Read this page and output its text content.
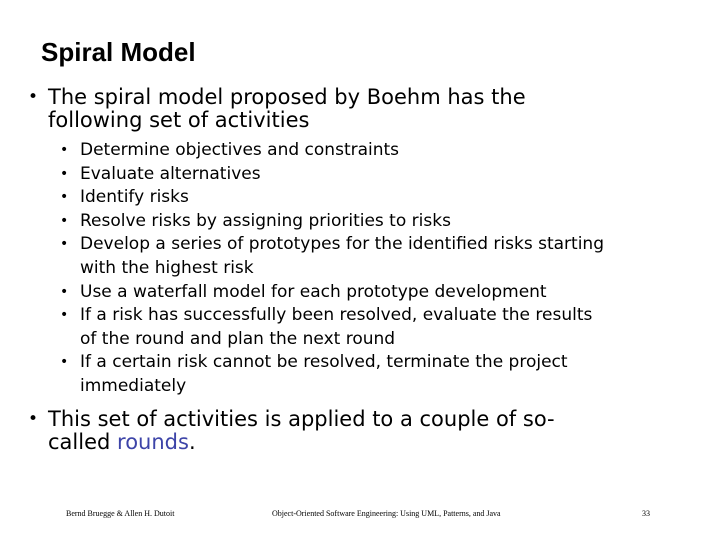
Spiral Model
• The spiral model proposed by Boehm has the
following set of activities
• Determine objectives and constraints
• Evaluate alternatives
• Identify risks
• Resolve risks by assigning priorities to risks
• Develop a series of prototypes for the identified risks starting
with the highest risk
• Use a waterfall model for each prototype development
• If a risk has successfully been resolved, evaluate the results
of the round and plan the next round
• If a certain risk cannot be resolved, terminate the project
immediately
• This set of activities is applied to a couple of so-
called rounds.
Bernd Bruegge & Allen H. Dutoit	Object-Oriented Software Engineering: Using UML, Patterns, and Java	33
